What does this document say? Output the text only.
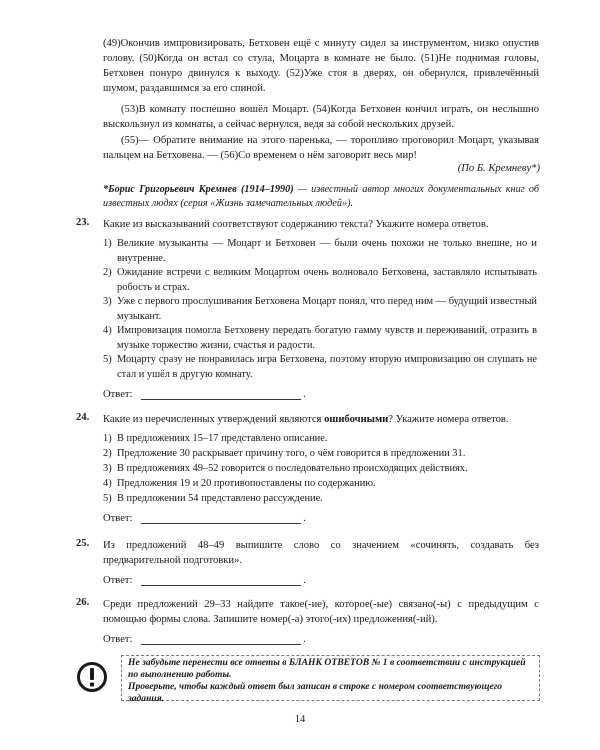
(49)Окончив импровизировать, Бетховен ещё с минуту сидел за инструментом, низко опустив голову. (50)Когда он встал со стула, Моцарта в комнате не было. (51)Не поднимая головы, Бетховен понуро двинулся к выходу. (52)Уже стоя в дверях, он обернулся, привлечённый шумом, раздавшимся за его спиной.

(53)В комнату поспешно вошёл Моцарт. (54)Когда Бетховен кончил играть, он неслышно выскользнул из комнаты, а сейчас вернулся, ведя за собой нескольких друзей.

(55)— Обратите внимание на этого паренька, — торопливо проговорил Моцарт, указывая пальцем на Бетховена. — (56)Со временем о нём заговорит весь мир!

(По Б. Кремневу*)
*Борис Григорьевич Кремнев (1914–1990) — известный автор многих документальных книг об известных людях (серия «Жизнь замечательных людей»).
23. Какие из высказываний соответствуют содержанию текста? Укажите номера ответов.
1) Великие музыканты — Моцарт и Бетховен — были очень похожи не только внешне, но и внутренне.
2) Ожидание встречи с великим Моцартом очень волновало Бетховена, заставляло испытывать робость и страх.
3) Уже с первого прослушивания Бетховена Моцарт понял, что перед ним — будущий известный музыкант.
4) Импровизация помогла Бетховену передать богатую гамму чувств и переживаний, отразить в музыке торжество жизни, счастья и радости.
5) Моцарту сразу не понравилась игра Бетховена, поэтому вторую импровизацию он слушать не стал и ушёл в другую комнату.
Ответ:	.
24. Какие из перечисленных утверждений являются ошибочными? Укажите номера ответов.
1) В предложениях 15–17 представлено описание.
2) Предложение 30 раскрывает причину того, о чём говорится в предложении 31.
3) В предложениях 49–52 говорится о последовательно происходящих действиях.
4) Предложения 19 и 20 противопоставлены по содержанию.
5) В предложении 54 представлено рассуждение.
Ответ:	.
25. Из предложений 48–49 выпишите слово со значением «сочинять, создавать без предварительной подготовки».
Ответ:	.
26. Среди предложений 29–33 найдите такое(-ие), которое(-ые) связано(-ы) с предыдущим с помощью формы слова. Запишите номер(-а) этого(-их) предложения(-ий).
Ответ:	.
Не забудьте перенести все ответы в БЛАНК ОТВЕТОВ № 1 в соответствии с инструкцией по выполнению работы.
Проверьте, чтобы каждый ответ был записан в строке с номером соответствующего задания.
14
